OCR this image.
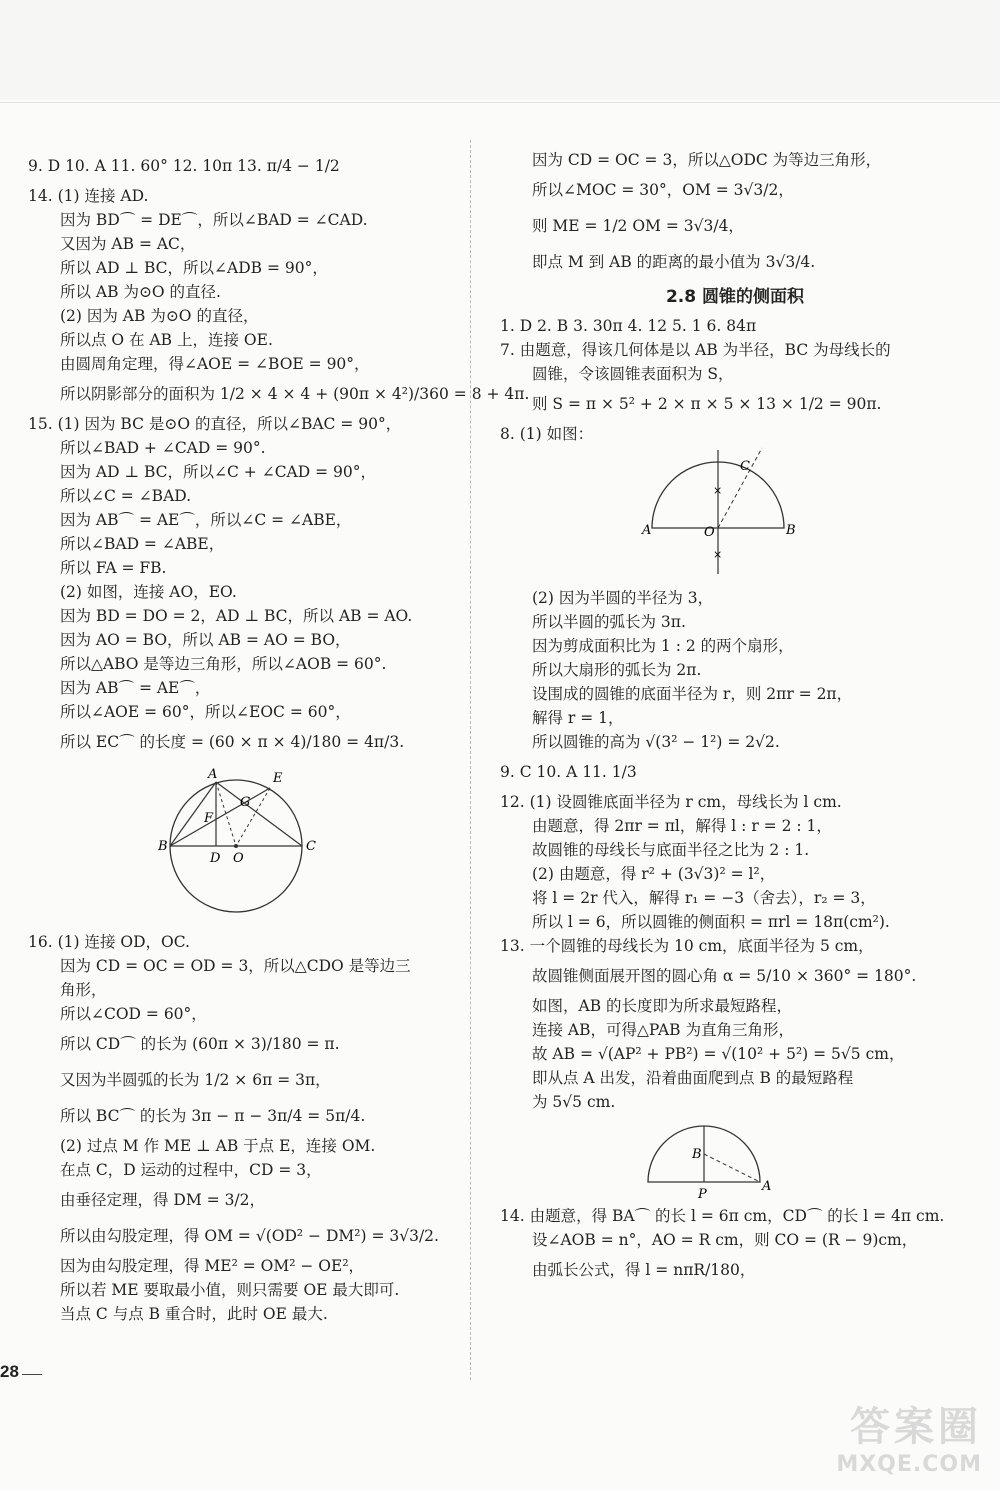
9. D 10. A 11. 60° 12. 10π 13. π/4 − 1/2
14. (1) 连接 AD.
因为 BD⌒ = DE⌒，所以∠BAD = ∠CAD.
又因为 AB = AC，
所以 AD ⊥ BC，所以∠ADB = 90°，
所以 AB 为⊙O 的直径.
(2) 因为 AB 为⊙O 的直径，
所以点 O 在 AB 上，连接 OE.
由圆周角定理，得∠AOE = ∠BOE = 90°，
所以阴影部分的面积为 1/2 × 4 × 4 + (90π × 4²)/360 = 8 + 4π.
15. (1) 因为 BC 是⊙O 的直径，所以∠BAC = 90°，
所以∠BAD + ∠CAD = 90°.
因为 AD ⊥ BC，所以∠C + ∠CAD = 90°，
所以∠C = ∠BAD.
因为 AB⌒ = AE⌒，所以∠C = ∠ABE，
所以∠BAD = ∠ABE，
所以 FA = FB.
(2) 如图，连接 AO，EO.
因为 BD = DO = 2，AD ⊥ BC，所以 AB = AO.
因为 AO = BO，所以 AB = AO = BO，
所以△ABO 是等边三角形，所以∠AOB = 60°.
因为 AB⌒ = AE⌒，
所以∠AOE = 60°，所以∠EOC = 60°，
所以 EC⌒ 的长度 = (60 × π × 4)/180 = 4π/3.
A	E
F
G
B
D O
C
16. (1) 连接 OD，OC.
因为 CD = OC = OD = 3，所以△CDO 是等边三
角形，
所以∠COD = 60°，
所以 CD⌒ 的长为 (60π × 3)/180 = π.
又因为半圆弧的长为 1/2 × 6π = 3π，
所以 BC⌒ 的长为 3π − π − 3π/4 = 5π/4.
(2) 过点 M 作 ME ⊥ AB 于点 E，连接 OM.
在点 C，D 运动的过程中，CD = 3，
由垂径定理，得 DM = 3/2，
所以由勾股定理，得 OM = √(OD² − DM²) = 3√3/2.
因为由勾股定理，得 ME² = OM² − OE²，
所以若 ME 要取最小值，则只需要 OE 最大即可.
当点 C 与点 B 重合时，此时 OE 最大.
因为 CD = OC = 3，所以△ODC 为等边三角形，
所以∠MOC = 30°，OM = 3√3/2，
则 ME = 1/2 OM = 3√3/4，
即点 M 到 AB 的距离的最小值为 3√3/4.
2.8 圆锥的侧面积
1. D 2. B 3. 30π 4. 12 5. 1 6. 84π
7. 由题意，得该几何体是以 AB 为半径，BC 为母线长的
圆锥，令该圆锥表面积为 S，
则 S = π × 5² + 2 × π × 5 × 13 × 1/2 = 90π.
8. (1) 如图：
×
×
C
A	O	B
(2) 因为半圆的半径为 3，
所以半圆的弧长为 3π.
因为剪成面积比为 1 : 2 的两个扇形，
所以大扇形的弧长为 2π.
设围成的圆锥的底面半径为 r，则 2πr = 2π，
解得 r = 1，
所以圆锥的高为 √(3² − 1²) = 2√2.
9. C 10. A 11. 1/3
12. (1) 设圆锥底面半径为 r cm，母线长为 l cm.
由题意，得 2πr = πl，解得 l : r = 2 : 1，
故圆锥的母线长与底面半径之比为 2 : 1.
(2) 由题意，得 r² + (3√3)² = l²，
将 l = 2r 代入，解得 r₁ = −3（舍去），r₂ = 3，
所以 l = 6，所以圆锥的侧面积 = πrl = 18π(cm²).
13. 一个圆锥的母线长为 10 cm，底面半径为 5 cm，
故圆锥侧面展开图的圆心角 α = 5/10 × 360° = 180°.
如图，AB 的长度即为所求最短路程，
连接 AB，可得△PAB 为直角三角形，
故 AB = √(AP² + PB²) = √(10² + 5²) = 5√5 cm，
即从点 A 出发，沿着曲面爬到点 B 的最短路程
为 5√5 cm.
B
P
A
14. 由题意，得 BA⌒ 的长 l = 6π cm，CD⌒ 的长 l = 4π cm.
设∠AOB = n°，AO = R cm，则 CO = (R − 9)cm，
由弧长公式，得 l = nπR/180，
28
答案圈
MXQE.COM
